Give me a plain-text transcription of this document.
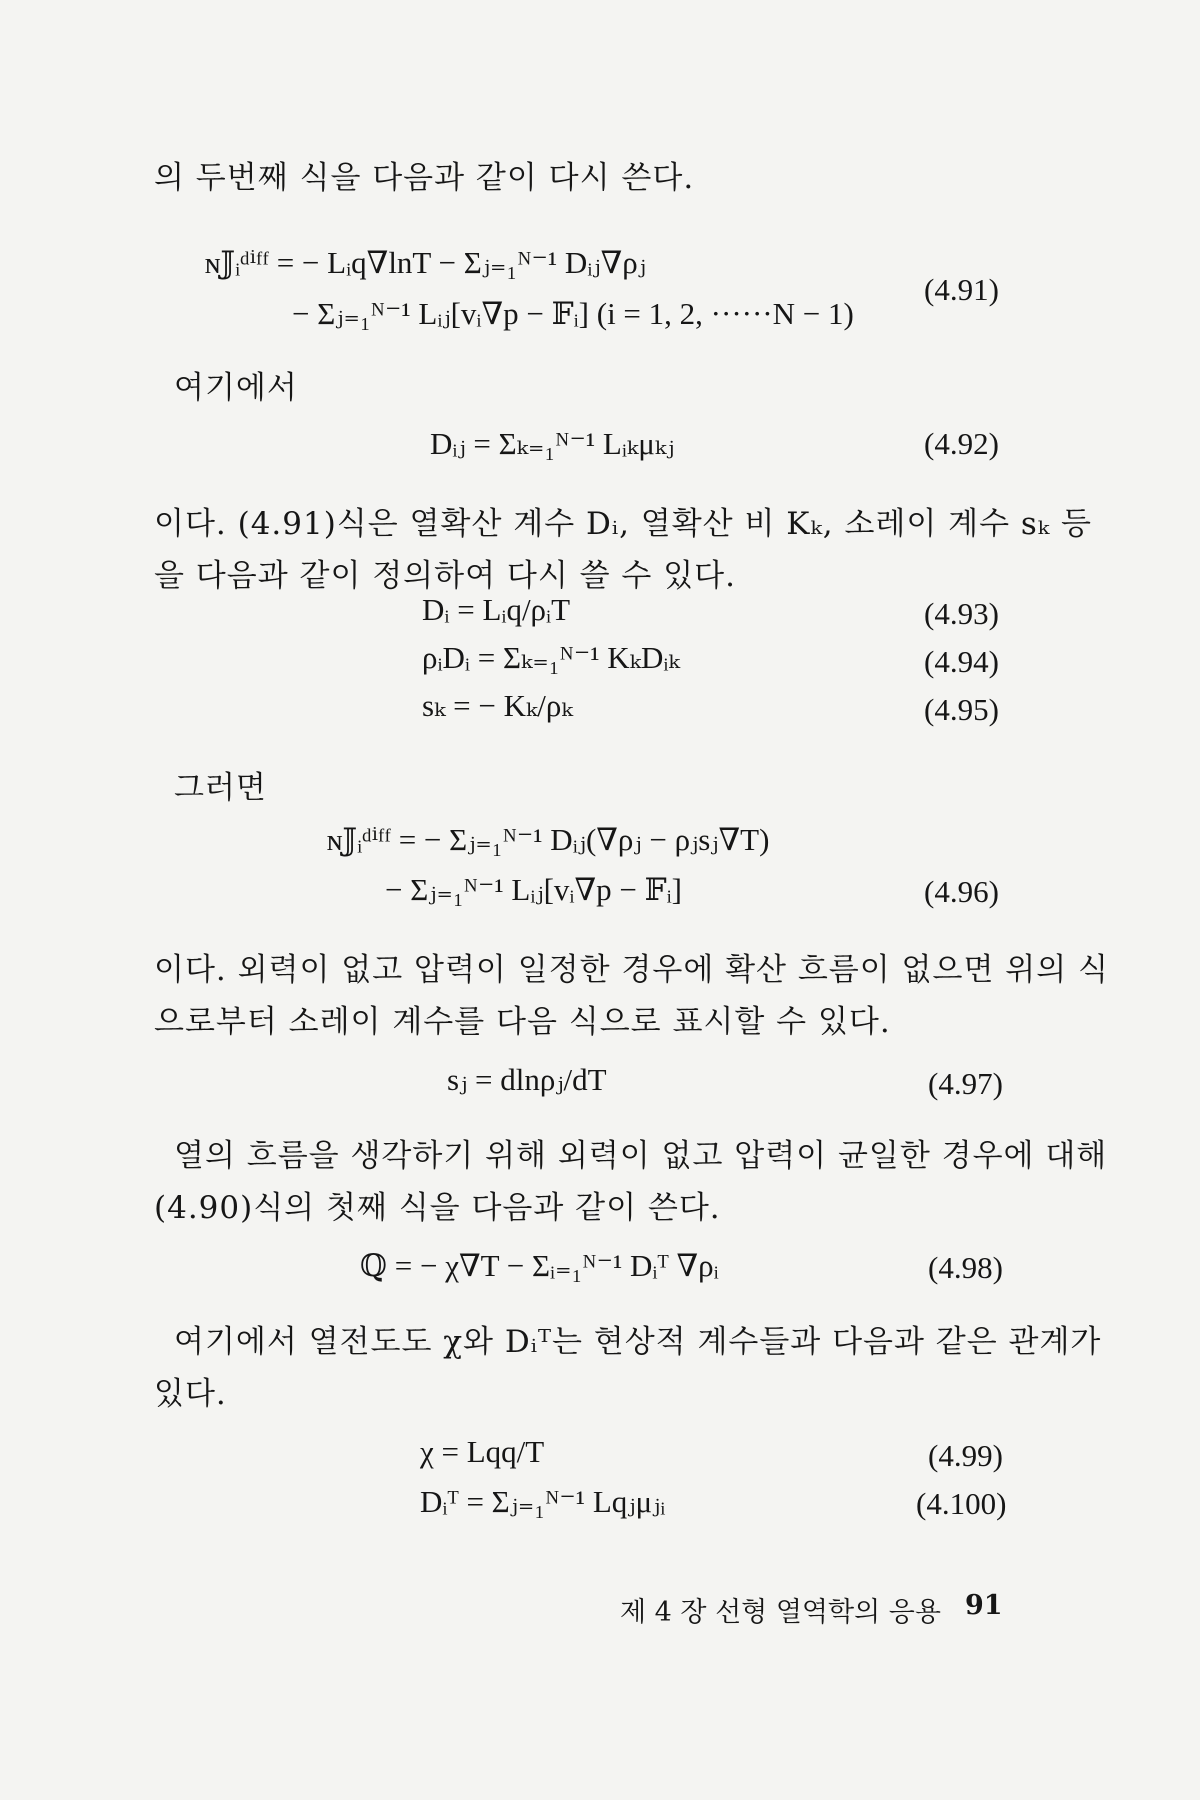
의 두번째 식을 다음과 같이 다시 쓴다.
ɴ𝕁ᵢᵈⁱᶠᶠ = − Lᵢq∇lnT − Σⱼ₌₁ᴺ⁻¹ Dᵢⱼ∇ρⱼ
− Σⱼ₌₁ᴺ⁻¹ Lᵢⱼ[vᵢ∇p − 𝔽ᵢ] (i = 1, 2, ······N − 1)
(4.91)
여기에서
Dᵢⱼ = Σₖ₌₁ᴺ⁻¹ Lᵢₖμₖⱼ	(4.92)
이다. (4.91)식은 열확산 계수 Dᵢ, 열확산 비 Kₖ, 소레이 계수 sₖ 등
을 다음과 같이 정의하여 다시 쓸 수 있다.
Dᵢ = Lᵢq/ρᵢT	(4.93)
ρᵢDᵢ = Σₖ₌₁ᴺ⁻¹ KₖDᵢₖ	(4.94)
sₖ = − Kₖ/ρₖ	(4.95)
그러면
ɴ𝕁ᵢᵈⁱᶠᶠ = − Σⱼ₌₁ᴺ⁻¹ Dᵢⱼ(∇ρⱼ − ρⱼsⱼ∇T)
− Σⱼ₌₁ᴺ⁻¹ Lᵢⱼ[vᵢ∇p − 𝔽ᵢ]	(4.96)
이다. 외력이 없고 압력이 일정한 경우에 확산 흐름이 없으면 위의 식
으로부터 소레이 계수를 다음 식으로 표시할 수 있다.
sⱼ = dlnρⱼ/dT	(4.97)
열의 흐름을 생각하기 위해 외력이 없고 압력이 균일한 경우에 대해
(4.90)식의 첫째 식을 다음과 같이 쓴다.
ℚ = − χ∇T − Σᵢ₌₁ᴺ⁻¹ Dᵢᵀ ∇ρᵢ	(4.98)
여기에서 열전도도 χ와 Dᵢᵀ는 현상적 계수들과 다음과 같은 관계가
있다.
χ = Lqq/T	(4.99)
Dᵢᵀ = Σⱼ₌₁ᴺ⁻¹ Lqⱼμⱼᵢ	(4.100)
제 4 장 선형 열역학의 응용 91
